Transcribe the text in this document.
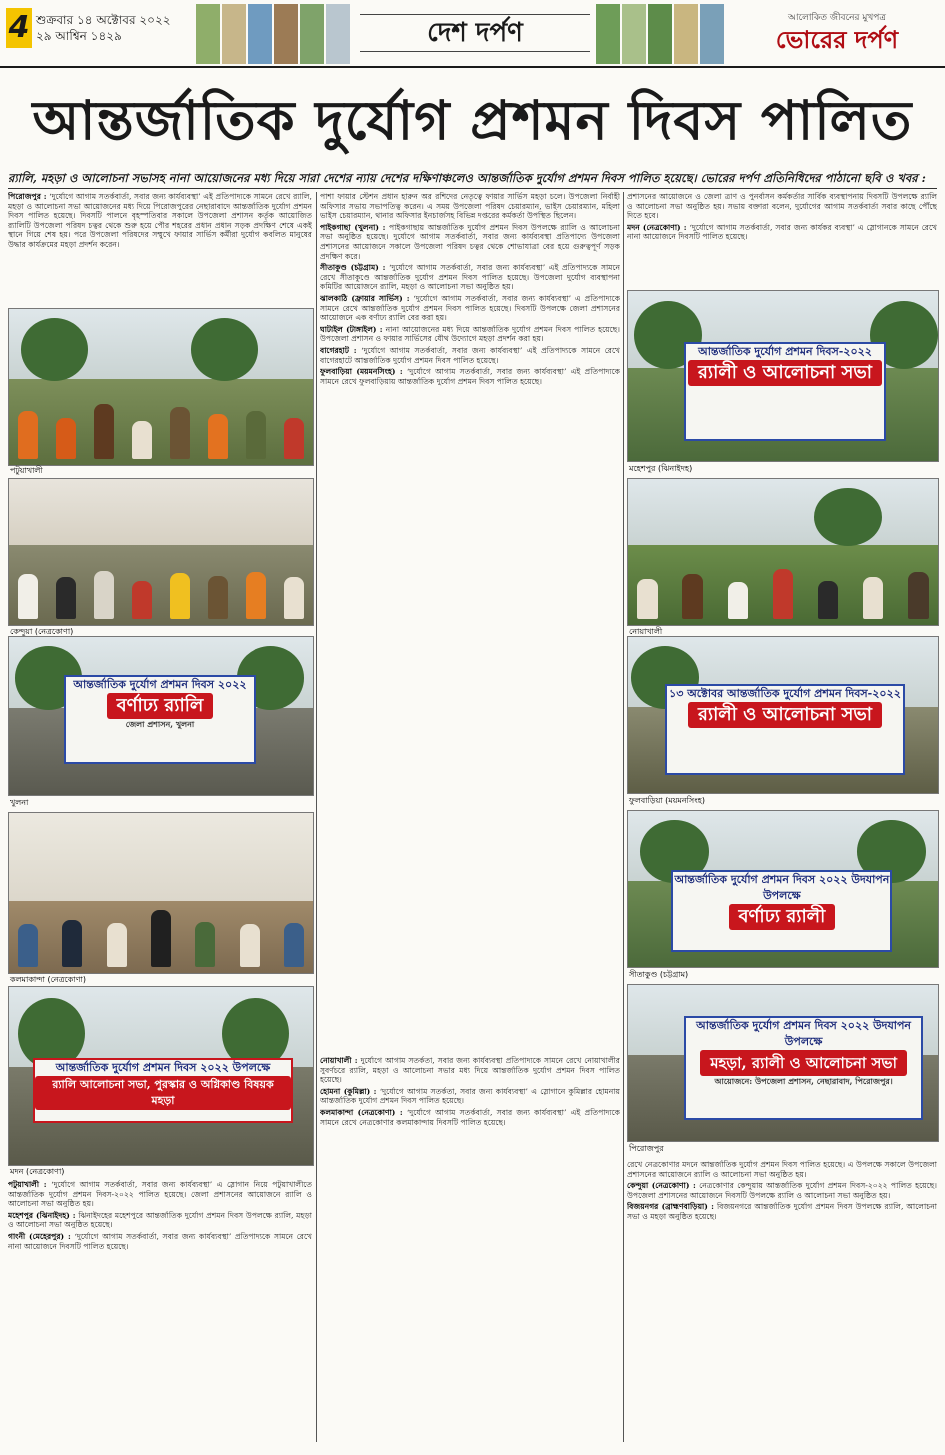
4 শুক্রবার ১৪ অক্টোবর ২০২২
২৯ আশ্বিন ১৪২৯	দেশ দর্পণ	আলোকিত জীবনের মুখপত্র
ভোরের দর্পণ
আন্তর্জাতিক দুর্যোগ প্রশমন দিবস পালিত
র‍্যালি, মহড়া ও আলোচনা সভাসহ নানা আয়োজনের মধ্য দিয়ে সারা দেশের ন্যায় দেশের দক্ষিণাঞ্চলেও আন্তর্জাতিক দুর্যোগ প্রশমন দিবস পালিত হয়েছে। ভোরের দর্পণ প্রতিনিধিদের পাঠানো ছবি ও খবর :
পটুয়াখালী
কেন্দুয়া (নেত্রকোণা)
আন্তর্জাতিক দুর্যোগ প্রশমন দিবস ২০২২
বর্ণাঢ্য র‍্যালি
জেলা প্রশাসন, খুলনা
খুলনা
কলমাকান্দা (নেত্রকোণা)
আন্তর্জাতিক দুর্যোগ প্রশমন দিবস ২০২২ উপলক্ষে
র‍্যালি আলোচনা সভা, পুরস্কার ও অগ্নিকাণ্ড বিষয়ক মহড়া
মদন (নেত্রকোণা)
পিরোজপুর : ‘দুর্যোগে আগাম সতর্কবার্তা, সবার জন্য কার্যব্যবস্থা’ এই প্রতিপাদ্যকে সামনে রেখে র‍্যালি, মহড়া ও আলোচনা সভা আয়োজনের মধ্য দিয়ে পিরোজপুরের নেছারাবাদে আন্তর্জাতিক দুর্যোগ প্রশমন দিবস পালিত হয়েছে। দিবসটি পালনে বৃহস্পতিবার সকালে উপজেলা প্রশাসন কর্তৃক আয়োজিত র‍্যালিটি উপজেলা পরিষদ চত্বর থেকে শুরু হয়ে পৌর শহরের প্রধান প্রধান সড়ক প্রদক্ষিণ শেষে একই স্থানে গিয়ে শেষ হয়। পরে উপজেলা পরিষদের সম্মুখে ফায়ার সার্ভিস কর্মীরা দুর্যোগ কবলিত মানুষের উদ্ধার কার্যক্রমের মহড়া প্রদর্শন করেন।

পাশা ফায়ার স্টেশন প্রধান হারুন অর রশিদের নেতৃত্বে ফায়ার সার্ভিস মহড়া চলে। উপজেলা নির্বাহী অফিসার সভায় সভাপতিত্ব করেন। এ সময় উপজেলা পরিষদ চেয়ারম্যান, ভাইস চেয়ারম্যান, মহিলা ভাইস চেয়ারম্যান, থানার অফিসার ইনচার্জসহ বিভিন্ন দপ্তরের কর্মকর্তা উপস্থিত ছিলেন।

পাইকগাছা (খুলনা) : পাইকগাছায় আন্তর্জাতিক দুর্যোগ প্রশমন দিবস উপলক্ষে র‍্যালি ও আলোচনা সভা অনুষ্ঠিত হয়েছে। দুর্যোগে আগাম সতর্কবার্তা, সবার জন্য কার্যব্যবস্থা প্রতিপাদ্যে উপজেলা প্রশাসনের আয়োজনে সকালে উপজেলা পরিষদ চত্বর থেকে শোভাযাত্রা বের হয়ে গুরুত্বপূর্ণ সড়ক প্রদক্ষিণ করে।

সীতাকুণ্ড (চট্টগ্রাম) : ‘দুর্যোগে আগাম সতর্কবার্তা, সবার জন্য কার্যব্যবস্থা’ এই প্রতিপাদ্যকে সামনে রেখে সীতাকুণ্ডে আন্তর্জাতিক দুর্যোগ প্রশমন দিবস পালিত হয়েছে। উপজেলা দুর্যোগ ব্যবস্থাপনা কমিটির আয়োজনে র‍্যালি, মহড়া ও আলোচনা সভা অনুষ্ঠিত হয়।

ঝালকাঠি (ফ্রায়ার সার্ভিস) : ‘দুর্যোগে আগাম সতর্কবার্তা, সবার জন্য কার্যব্যবস্থা’ এ প্রতিপাদ্যকে সামনে রেখে আন্তর্জাতিক দুর্যোগ প্রশমন দিবস পালিত হয়েছে। দিবসটি উপলক্ষে জেলা প্রশাসনের আয়োজনে এক বর্ণাঢ্য র‍্যালি বের করা হয়।

ঘাটাইল (টাঙ্গাইল) : নানা আয়োজনের মধ্য দিয়ে আন্তর্জাতিক দুর্যোগ প্রশমন দিবস পালিত হয়েছে। উপজেলা প্রশাসন ও ফায়ার সার্ভিসের যৌথ উদ্যোগে মহড়া প্রদর্শন করা হয়।

বাগেরহাট : ‘দুর্যোগে আগাম সতর্কবার্তা, সবার জন্য কার্যব্যবস্থা’ এই প্রতিপাদ্যকে সামনে রেখে বাগেরহাটে আন্তর্জাতিক দুর্যোগ প্রশমন দিবস পালিত হয়েছে।

ফুলবাড়িয়া (ময়মনসিংহ) : ‘দুর্যোগে আগাম সতর্কবার্তা, সবার জন্য কার্যব্যবস্থা’ এই প্রতিপাদ্যকে সামনে রেখে ফুলবাড়িয়ায় আন্তর্জাতিক দুর্যোগ প্রশমন দিবস পালিত হয়েছে।

প্রশাসনের আয়োজনে ও জেলা ত্রাণ ও পুনর্বাসন কর্মকর্তার সার্বিক ব্যবস্থাপনায় দিবসটি উপলক্ষে র‍্যালি ও আলোচনা সভা অনুষ্ঠিত হয়। সভায় বক্তারা বলেন, দুর্যোগের আগাম সতর্কবার্তা সবার কাছে পৌঁছে দিতে হবে।

মদন (নেত্রকোণা) : ‘দুর্যোগে আগাম সতর্কবার্তা, সবার জন্য কার্যকর ব্যবস্থা’ এ স্লোগানকে সামনে রেখে নানা আয়োজনে দিবসটি পালিত হয়েছে।

আন্তর্জাতিক দুর্যোগ প্রশমন দিবস-২০২২
র‍্যালী ও আলোচনা সভা
মহেশপুর (ঝিনাইদহ)
নোয়াখালী
১৩ অক্টোবর আন্তর্জাতিক দুর্যোগ প্রশমন দিবস-২০২২
র‍্যালী ও আলোচনা সভা
ফুলবাড়িয়া (ময়মনসিংহ)
আন্তর্জাতিক দুর্যোগ প্রশমন দিবস ২০২২ উদযাপন উপলক্ষে
বর্ণাঢ্য র‍্যালী
সীতাকুণ্ড (চট্টগ্রাম)
আন্তর্জাতিক দুর্যোগ প্রশমন দিবস ২০২২ উদযাপন উপলক্ষে
মহড়া, র‍্যালী ও আলোচনা সভা
আয়োজনে: উপজেলা প্রশাসন, নেছারাবাদ, পিরোজপুর।
পিরোজপুর

পটুয়াখালী : ‘দুর্যোগে আগাম সতর্কবার্তা, সবার জন্য কার্যব্যবস্থা’ এ স্লোগান নিয়ে পটুয়াখালীতে আন্তর্জাতিক দুর্যোগ প্রশমন দিবস-২০২২ পালিত হয়েছে। জেলা প্রশাসনের আয়োজনে র‍্যালি ও আলোচনা সভা অনুষ্ঠিত হয়।

মহেশপুর (ঝিনাইদহ) : ঝিনাইদহের মহেশপুরে আন্তর্জাতিক দুর্যোগ প্রশমন দিবস উপলক্ষে র‍্যালি, মহড়া ও আলোচনা সভা অনুষ্ঠিত হয়েছে।

গাংনী (মেহেরপুর) : ‘দুর্যোগে আগাম সতর্কবার্তা, সবার জন্য কার্যব্যবস্থা’ প্রতিপাদ্যকে সামনে রেখে নানা আয়োজনে দিবসটি পালিত হয়েছে।

নোয়াখালী : দুর্যোগে আগাম সতর্কতা, সবার জন্য কার্যব্যবস্থা প্রতিপাদ্যকে সামনে রেখে নোয়াখালীর সুবর্ণচরে র‍্যালি, মহড়া ও আলোচনা সভার মধ্য দিয়ে আন্তর্জাতিক দুর্যোগ প্রশমন দিবস পালিত হয়েছে।

হোমনা (কুমিল্লা) : ‘দুর্যোগে আগাম সতর্কতা, সবার জন্য কার্যব্যবস্থা’ এ স্লোগানে কুমিল্লার হোমনায় আন্তর্জাতিক দুর্যোগ প্রশমন দিবস পালিত হয়েছে।

কলমাকান্দা (নেত্রকোণা) : ‘দুর্যোগে আগাম সতর্কবার্তা, সবার জন্য কার্যব্যবস্থা’ এই প্রতিপাদ্যকে সামনে রেখে নেত্রকোণার কলমাকান্দায় দিবসটি পালিত হয়েছে।

রেখে নেত্রকোণার মদনে আন্তর্জাতিক দুর্যোগ প্রশমন দিবস পালিত হয়েছে। এ উপলক্ষে সকালে উপজেলা প্রশাসনের আয়োজনে র‍্যালি ও আলোচনা সভা অনুষ্ঠিত হয়।

কেন্দুয়া (নেত্রকোণা) : নেত্রকোণার কেন্দুয়ায় আন্তর্জাতিক দুর্যোগ প্রশমন দিবস-২০২২ পালিত হয়েছে। উপজেলা প্রশাসনের আয়োজনে দিবসটি উপলক্ষে র‍্যালি ও আলোচনা সভা অনুষ্ঠিত হয়।

বিজয়নগর (ব্রাহ্মণবাড়িয়া) : বিজয়নগরে আন্তর্জাতিক দুর্যোগ প্রশমন দিবস উপলক্ষে র‍্যালি, আলোচনা সভা ও মহড়া অনুষ্ঠিত হয়েছে।
